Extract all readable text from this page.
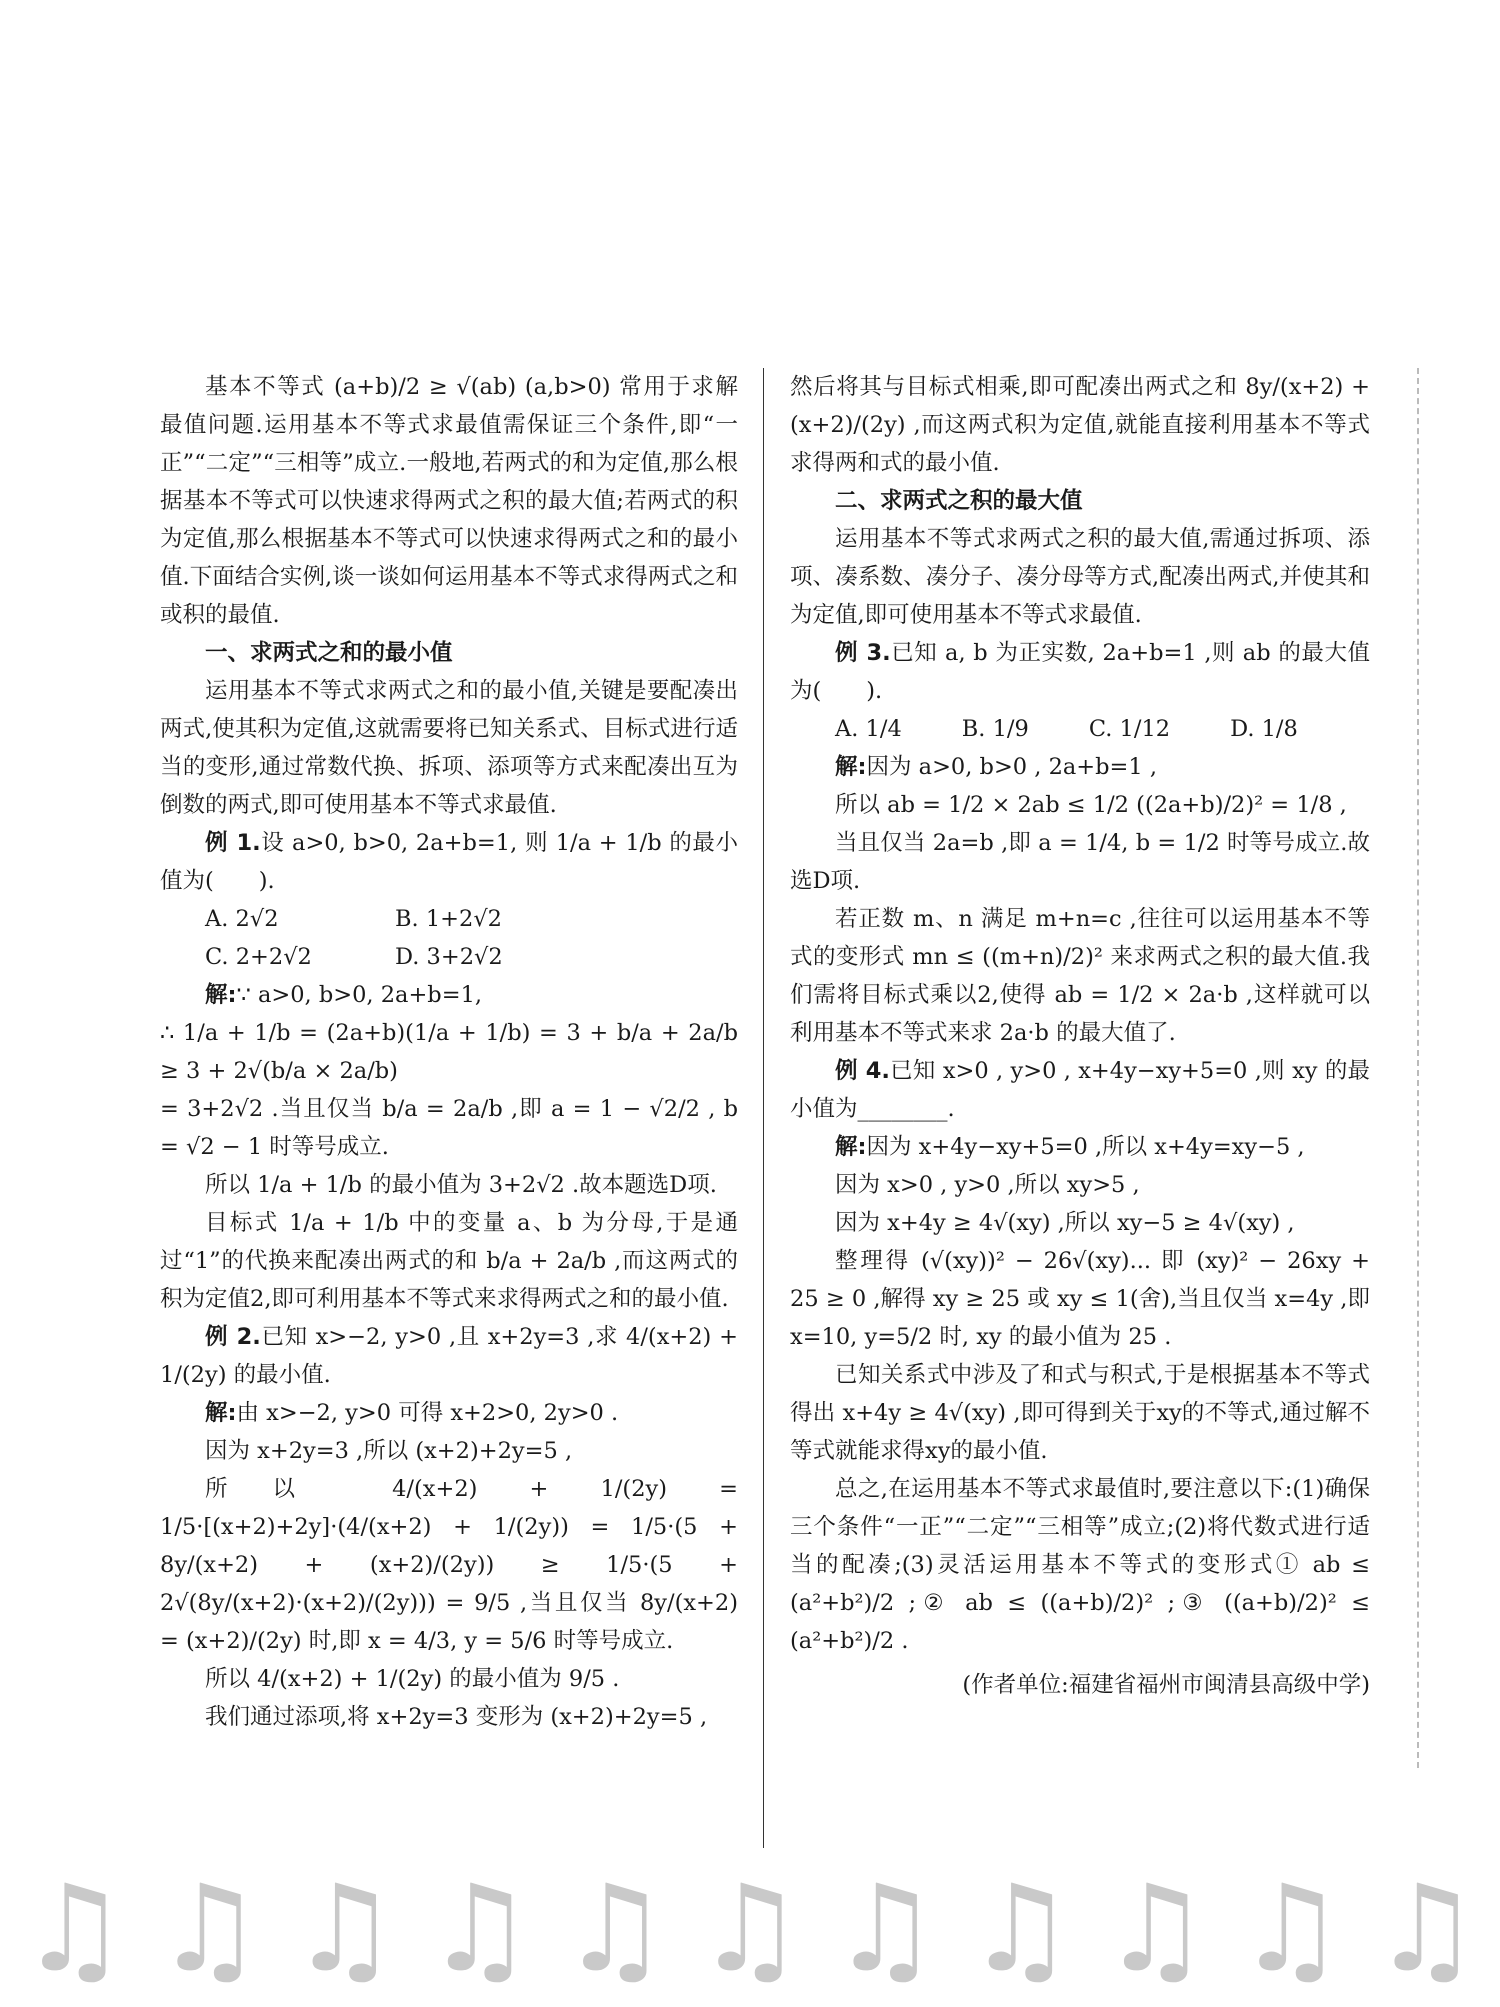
基本不等式 (a+b)/2 ≥ √(ab) (a,b>0) 常用于求解最值问题.运用基本不等式求最值需保证三个条件,即“一正”“二定”“三相等”成立.一般地,若两式的和为定值,那么根据基本不等式可以快速求得两式之积的最大值;若两式的积为定值,那么根据基本不等式可以快速求得两式之和的最小值.下面结合实例,谈一谈如何运用基本不等式求得两式之和或积的最值.

一、求两式之和的最小值

运用基本不等式求两式之和的最小值,关键是要配凑出两式,使其积为定值,这就需要将已知关系式、目标式进行适当的变形,通过常数代换、拆项、添项等方式来配凑出互为倒数的两式,即可使用基本不等式求最值.

例 1.设 a>0, b>0, 2a+b=1, 则 1/a + 1/b 的最小值为(　　).

A. 2√2	B. 1+2√2
C. 2+2√2	D. 3+2√2

解:∵ a>0, b>0, 2a+b=1,

∴ 1/a + 1/b = (2a+b)(1/a + 1/b) = 3 + b/a + 2a/b ≥ 3 + 2√(b/a × 2a/b)

= 3+2√2 .当且仅当 b/a = 2a/b ,即 a = 1 − √2/2 , b = √2 − 1 时等号成立.

所以 1/a + 1/b 的最小值为 3+2√2 .故本题选D项.

目标式 1/a + 1/b 中的变量 a、b 为分母,于是通过“1”的代换来配凑出两式的和 b/a + 2a/b ,而这两式的积为定值2,即可利用基本不等式来求得两式之和的最小值.

例 2.已知 x>−2, y>0 ,且 x+2y=3 ,求 4/(x+2) + 1/(2y) 的最小值.

解:由 x>−2, y>0 可得 x+2>0, 2y>0 .

因为 x+2y=3 ,所以 (x+2)+2y=5 ,

所以 4/(x+2) + 1/(2y) = 1/5·[(x+2)+2y]·(4/(x+2) + 1/(2y)) = 1/5·(5 + 8y/(x+2) + (x+2)/(2y)) ≥ 1/5·(5 + 2√(8y/(x+2)·(x+2)/(2y))) = 9/5 ,当且仅当 8y/(x+2) = (x+2)/(2y) 时,即 x = 4/3, y = 5/6 时等号成立.

所以 4/(x+2) + 1/(2y) 的最小值为 9/5 .

我们通过添项,将 x+2y=3 变形为 (x+2)+2y=5 ,

然后将其与目标式相乘,即可配凑出两式之和 8y/(x+2) + (x+2)/(2y) ,而这两式积为定值,就能直接利用基本不等式求得两和式的最小值.

二、求两式之积的最大值

运用基本不等式求两式之积的最大值,需通过拆项、添项、凑系数、凑分子、凑分母等方式,配凑出两式,并使其和为定值,即可使用基本不等式求最值.

例 3.已知 a, b 为正实数, 2a+b=1 ,则 ab 的最大值为(　　).

A. 1/4	B. 1/9	C. 1/12	D. 1/8

解:因为 a>0, b>0 , 2a+b=1 ,

所以 ab = 1/2 × 2ab ≤ 1/2 ((2a+b)/2)² = 1/8 ,

当且仅当 2a=b ,即 a = 1/4, b = 1/2 时等号成立.故选D项.

若正数 m、n 满足 m+n=c ,往往可以运用基本不等式的变形式 mn ≤ ((m+n)/2)² 来求两式之积的最大值.我们需将目标式乘以2,使得 ab = 1/2 × 2a·b ,这样就可以利用基本不等式来求 2a·b 的最大值了.

例 4.已知 x>0 , y>0 , x+4y−xy+5=0 ,则 xy 的最小值为________.

解:因为 x+4y−xy+5=0 ,所以 x+4y=xy−5 ,

因为 x>0 , y>0 ,所以 xy>5 ,

因为 x+4y ≥ 4√(xy) ,所以 xy−5 ≥ 4√(xy) ,

整理得 (√(xy))² − 26√(xy)... 即 (xy)² − 26xy + 25 ≥ 0 ,解得 xy ≥ 25 或 xy ≤ 1(舍),当且仅当 x=4y ,即 x=10, y=5/2 时, xy 的最小值为 25 .

已知关系式中涉及了和式与积式,于是根据基本不等式得出 x+4y ≥ 4√(xy) ,即可得到关于xy的不等式,通过解不等式就能求得xy的最小值.

总之,在运用基本不等式求最值时,要注意以下:(1)确保三个条件“一正”“二定”“三相等”成立;(2)将代数式进行适当的配凑;(3)灵活运用基本不等式的变形式① ab ≤ (a²+b²)/2 ;② ab ≤ ((a+b)/2)² ;③ ((a+b)/2)² ≤ (a²+b²)/2 .

(作者单位:福建省福州市闽清县高级中学)

♫ ♫ ♫ ♫ ♫ ♫ ♫ ♫ ♫ ♫ ♫
